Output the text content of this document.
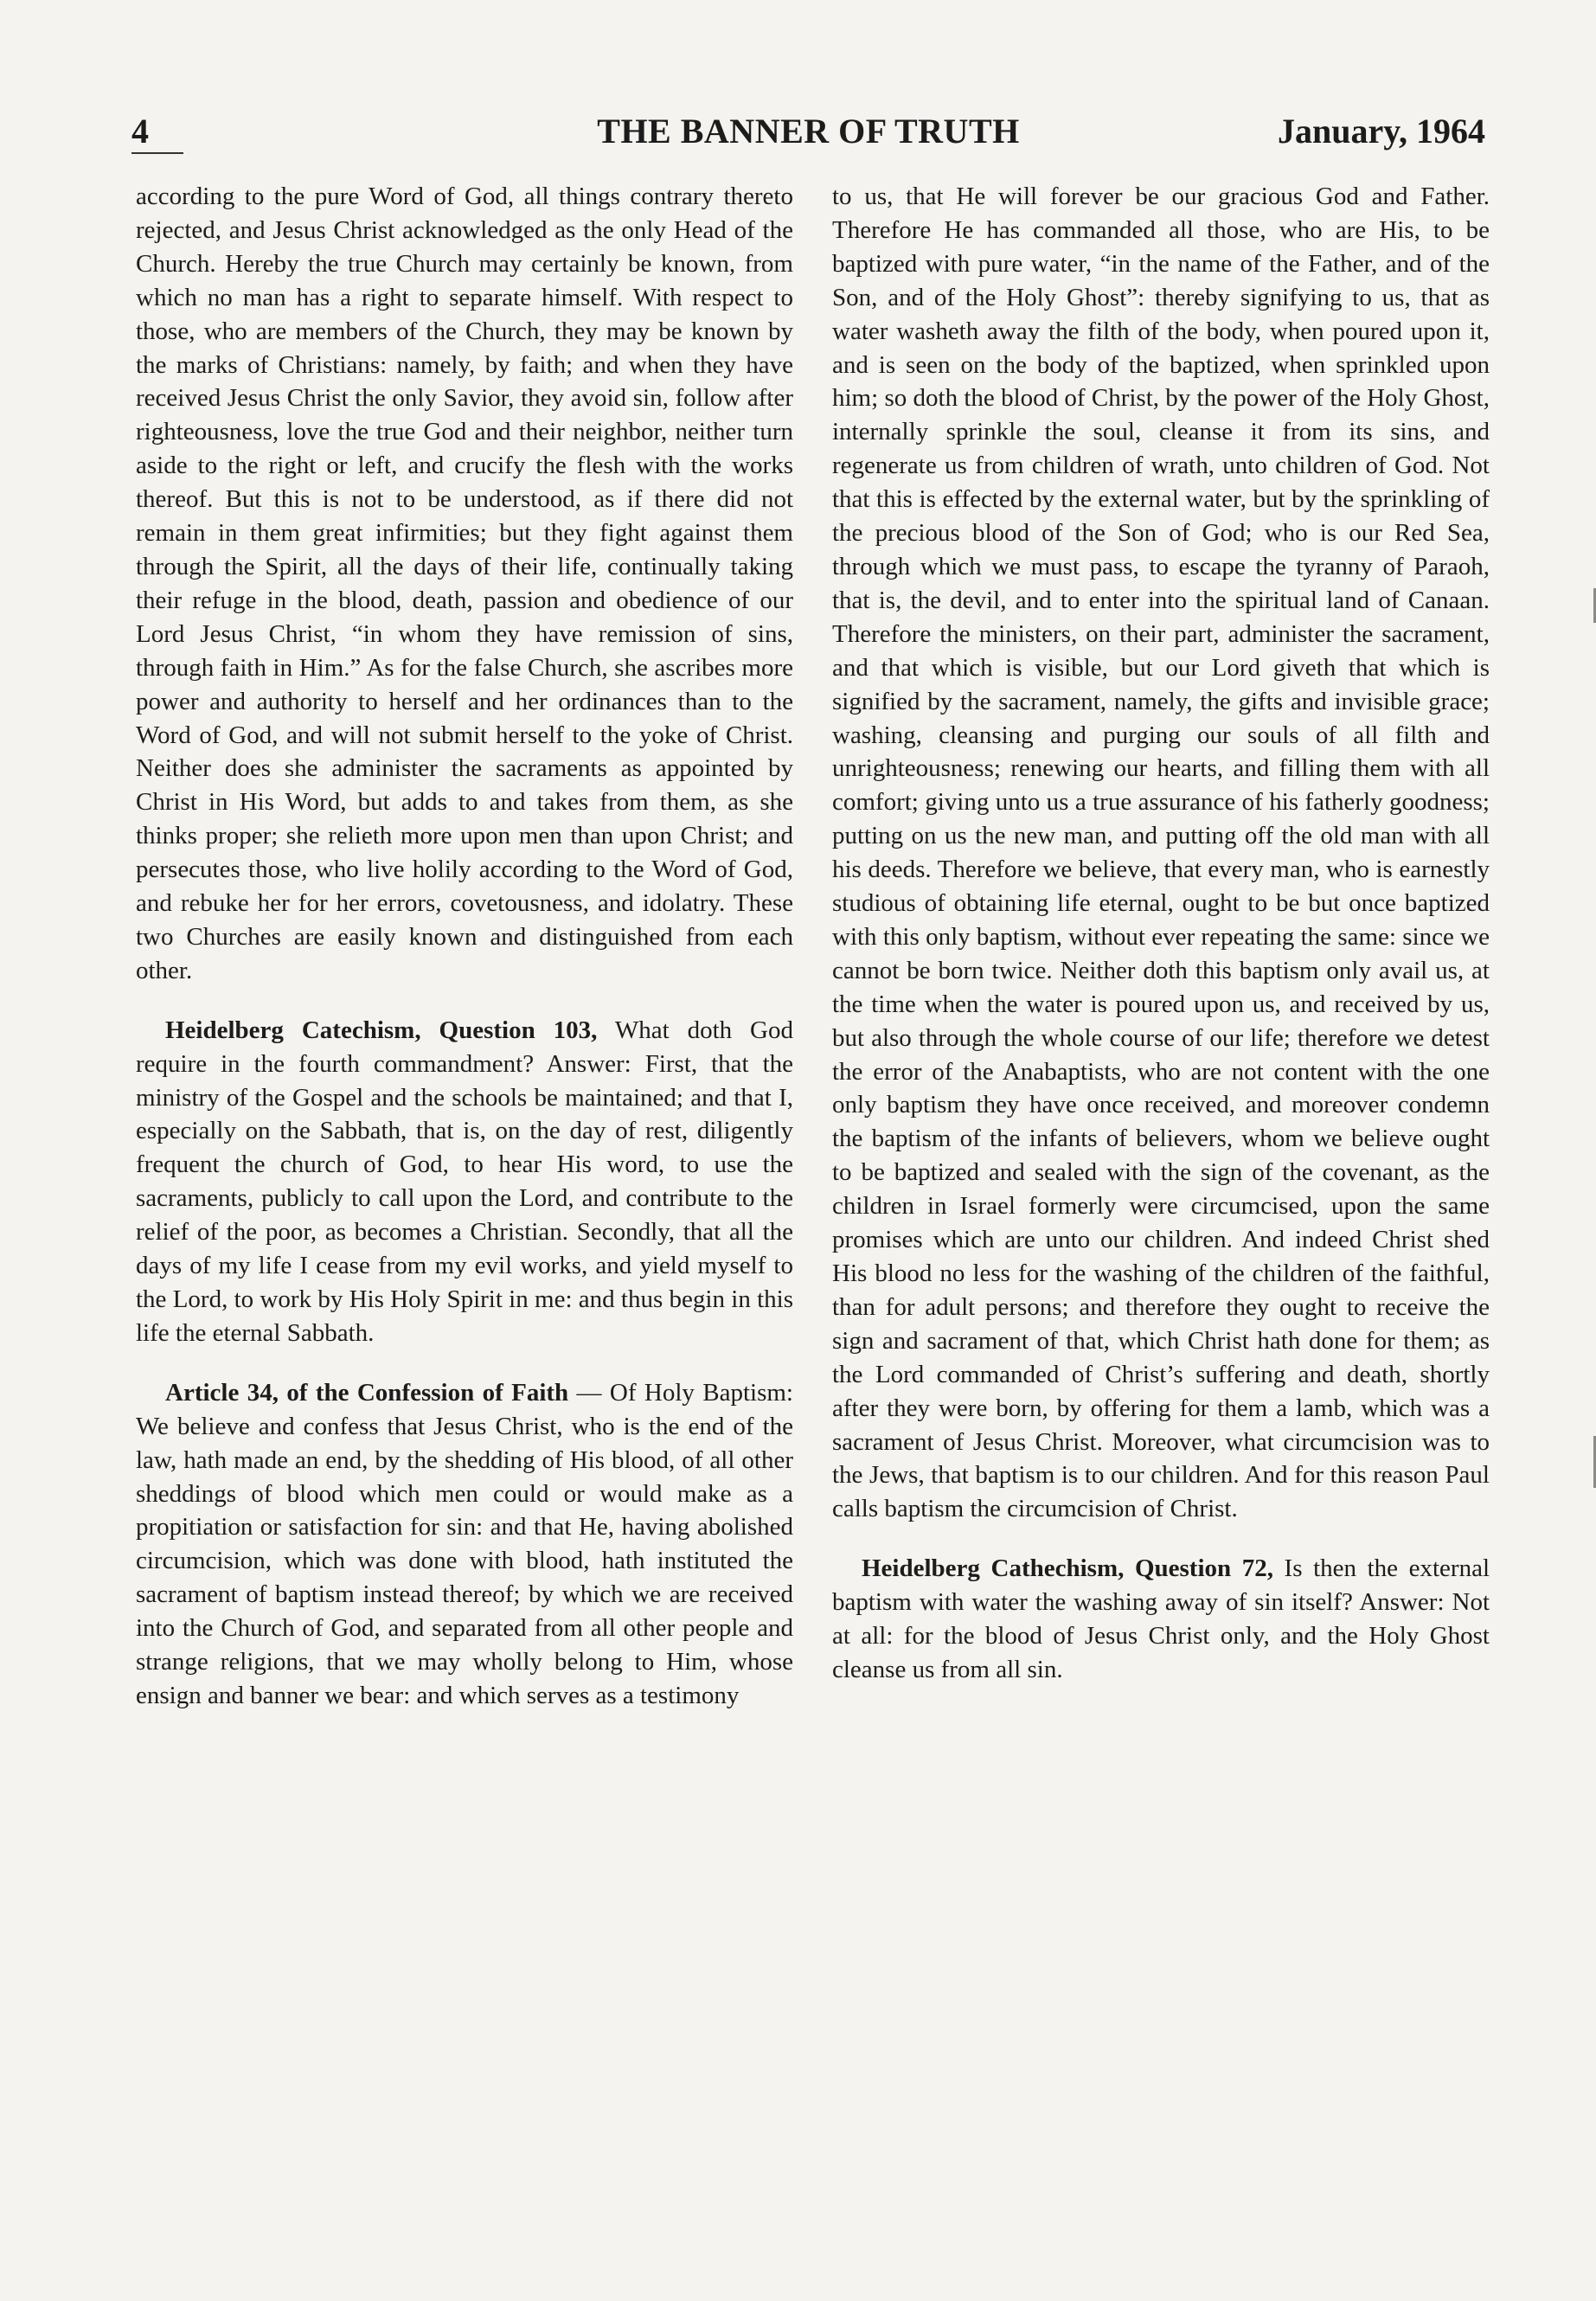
4	THE BANNER OF TRUTH	January, 1964

according to the pure Word of God, all things contrary thereto rejected, and Jesus Christ acknowledged as the only Head of the Church. Hereby the true Church may certainly be known, from which no man has a right to separate himself. With respect to those, who are members of the Church, they may be known by the marks of Christians: namely, by faith; and when they have received Jesus Christ the only Savior, they avoid sin, follow after righteousness, love the true God and their neighbor, neither turn aside to the right or left, and crucify the flesh with the works thereof. But this is not to be understood, as if there did not remain in them great infirmities; but they fight against them through the Spirit, all the days of their life, continually taking their refuge in the blood, death, passion and obedience of our Lord Jesus Christ, “in whom they have remission of sins, through faith in Him.” As for the false Church, she ascribes more power and authority to herself and her ordinances than to the Word of God, and will not submit herself to the yoke of Christ. Neither does she administer the sacraments as appointed by Christ in His Word, but adds to and takes from them, as she thinks proper; she relieth more upon men than upon Christ; and persecutes those, who live holily according to the Word of God, and rebuke her for her errors, covetousness, and idolatry. These two Churches are easily known and distinguished from each other.

Heidelberg Catechism, Question 103, What doth God require in the fourth commandment? Answer: First, that the ministry of the Gospel and the schools be maintained; and that I, especially on the Sabbath, that is, on the day of rest, diligently frequent the church of God, to hear His word, to use the sacraments, publicly to call upon the Lord, and contribute to the relief of the poor, as becomes a Christian. Secondly, that all the days of my life I cease from my evil works, and yield myself to the Lord, to work by His Holy Spirit in me: and thus begin in this life the eternal Sabbath.

Article 34, of the Confession of Faith — Of Holy Baptism: We believe and confess that Jesus Christ, who is the end of the law, hath made an end, by the shedding of His blood, of all other sheddings of blood which men could or would make as a propitiation or satisfaction for sin: and that He, having abolished circumcision, which was done with blood, hath instituted the sacrament of baptism instead thereof; by which we are received into the Church of God, and separated from all other people and strange religions, that we may wholly belong to Him, whose ensign and banner we bear: and which serves as a testimony

to us, that He will forever be our gracious God and Father. Therefore He has commanded all those, who are His, to be baptized with pure water, “in the name of the Father, and of the Son, and of the Holy Ghost”: thereby signifying to us, that as water washeth away the filth of the body, when poured upon it, and is seen on the body of the baptized, when sprinkled upon him; so doth the blood of Christ, by the power of the Holy Ghost, internally sprinkle the soul, cleanse it from its sins, and regenerate us from children of wrath, unto children of God. Not that this is effected by the external water, but by the sprinkling of the precious blood of the Son of God; who is our Red Sea, through which we must pass, to escape the tyranny of Paraoh, that is, the devil, and to enter into the spiritual land of Canaan. Therefore the ministers, on their part, administer the sacrament, and that which is visible, but our Lord giveth that which is signified by the sacrament, namely, the gifts and invisible grace; washing, cleansing and purging our souls of all filth and unrighteousness; renewing our hearts, and filling them with all comfort; giving unto us a true assurance of his fatherly goodness; putting on us the new man, and putting off the old man with all his deeds. Therefore we believe, that every man, who is earnestly studious of obtaining life eternal, ought to be but once baptized with this only baptism, without ever repeating the same: since we cannot be born twice. Neither doth this baptism only avail us, at the time when the water is poured upon us, and received by us, but also through the whole course of our life; therefore we detest the error of the Anabaptists, who are not content with the one only baptism they have once received, and moreover condemn the baptism of the infants of believers, whom we believe ought to be baptized and sealed with the sign of the covenant, as the children in Israel formerly were circumcised, upon the same promises which are unto our children. And indeed Christ shed His blood no less for the washing of the children of the faithful, than for adult persons; and therefore they ought to receive the sign and sacrament of that, which Christ hath done for them; as the Lord commanded of Christ’s suffering and death, shortly after they were born, by offering for them a lamb, which was a sacrament of Jesus Christ. Moreover, what circumcision was to the Jews, that baptism is to our children. And for this reason Paul calls baptism the circumcision of Christ.

Heidelberg Cathechism, Question 72, Is then the external baptism with water the washing away of sin itself? Answer: Not at all: for the blood of Jesus Christ only, and the Holy Ghost cleanse us from all sin.
